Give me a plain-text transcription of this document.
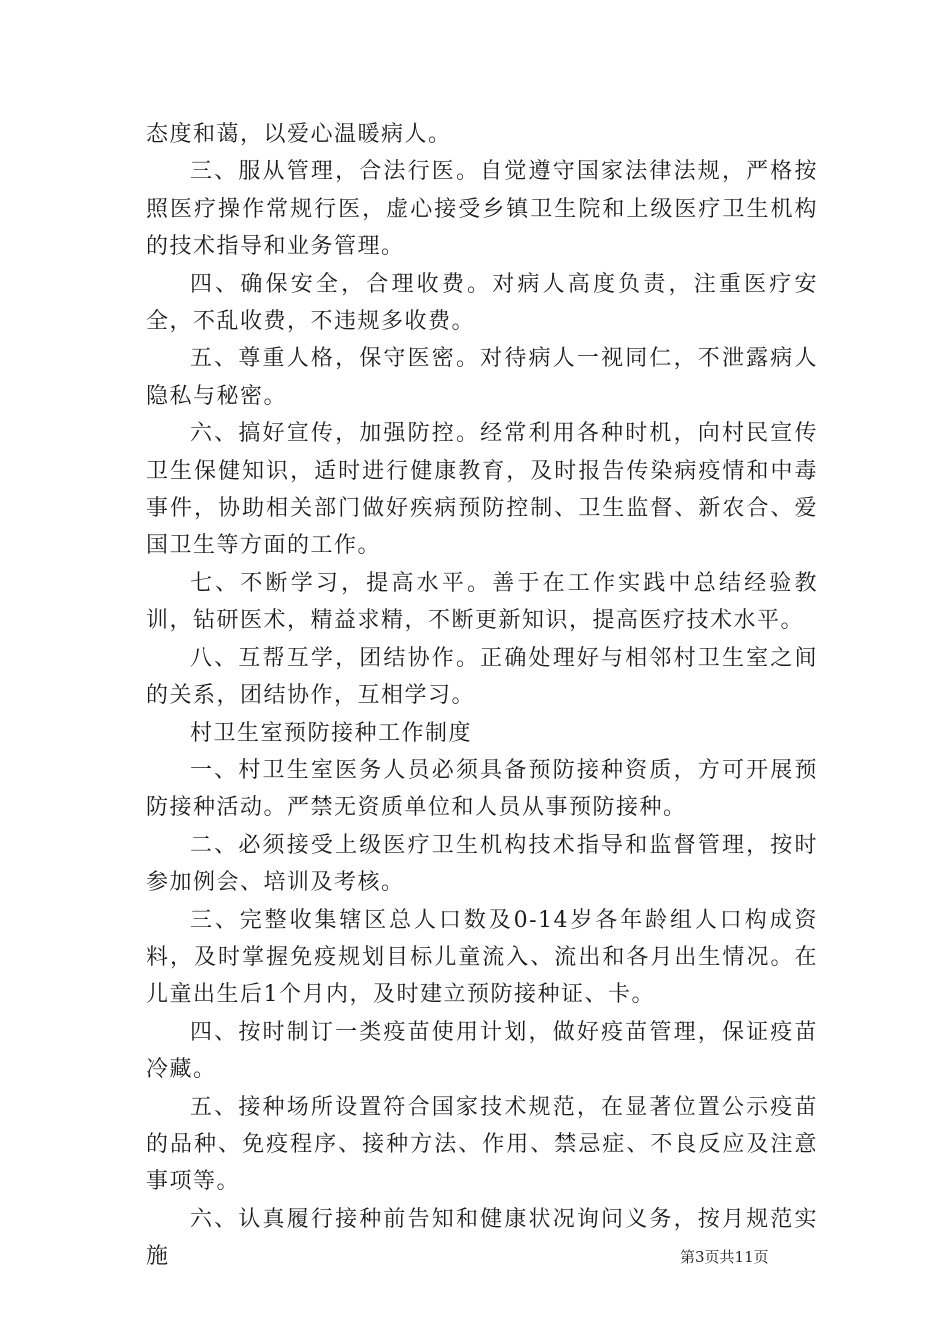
态度和蔼，以爱心温暖病人。

三、服从管理，合法行医。自觉遵守国家法律法规，严格按照医疗操作常规行医，虚心接受乡镇卫生院和上级医疗卫生机构的技术指导和业务管理。

四、确保安全，合理收费。对病人高度负责，注重医疗安全，不乱收费，不违规多收费。

五、尊重人格，保守医密。对待病人一视同仁，不泄露病人隐私与秘密。

六、搞好宣传，加强防控。经常利用各种时机，向村民宣传卫生保健知识，适时进行健康教育，及时报告传染病疫情和中毒事件，协助相关部门做好疾病预防控制、卫生监督、新农合、爱国卫生等方面的工作。

七、不断学习，提高水平。善于在工作实践中总结经验教训，钻研医术，精益求精，不断更新知识，提高医疗技术水平。

八、互帮互学，团结协作。正确处理好与相邻村卫生室之间的关系，团结协作，互相学习。

村卫生室预防接种工作制度

一、村卫生室医务人员必须具备预防接种资质，方可开展预防接种活动。严禁无资质单位和人员从事预防接种。

二、必须接受上级医疗卫生机构技术指导和监督管理，按时参加例会、培训及考核。

三、完整收集辖区总人口数及0-14岁各年龄组人口构成资料，及时掌握免疫规划目标儿童流入、流出和各月出生情况。在儿童出生后1个月内，及时建立预防接种证、卡。

四、按时制订一类疫苗使用计划，做好疫苗管理，保证疫苗冷藏。

五、接种场所设置符合国家技术规范，在显著位置公示疫苗的品种、免疫程序、接种方法、作用、禁忌症、不良反应及注意事项等。

六、认真履行接种前告知和健康状况询问义务，按月规范实施	第3页共11页
